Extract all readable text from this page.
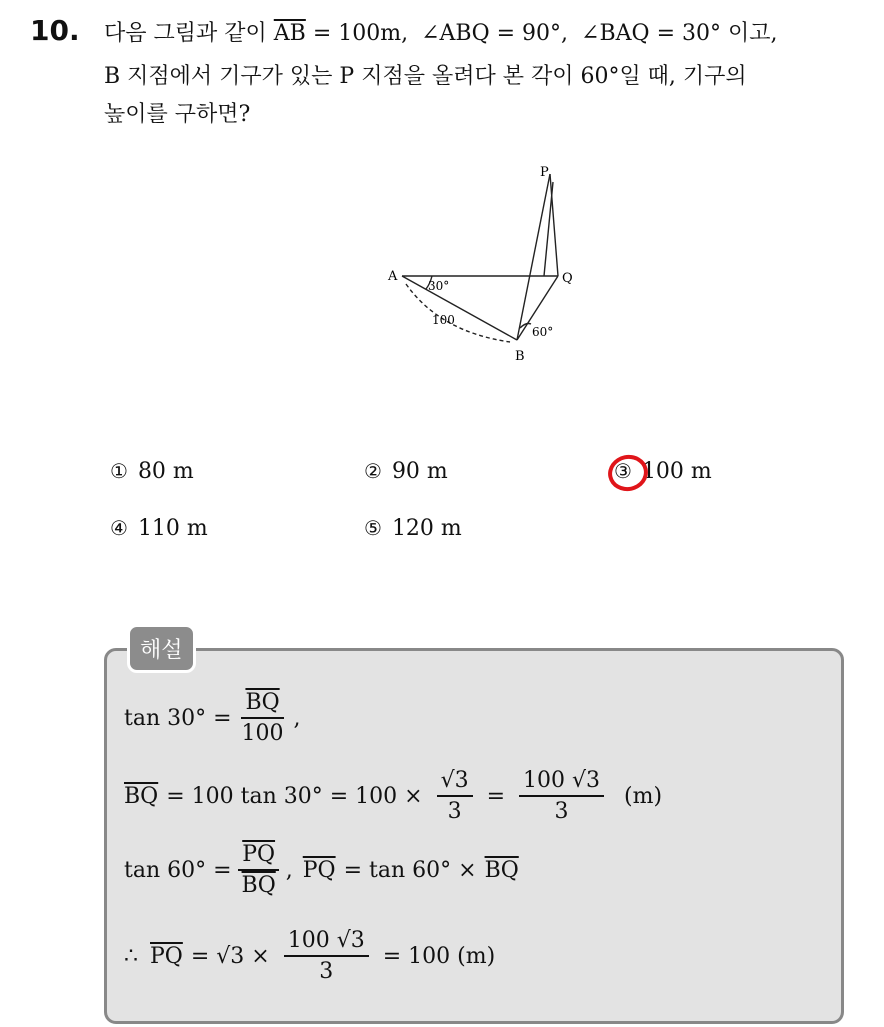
10. 다음 그림과 같이 $\overline{AB} = 100m$, ∠ABQ = 90°, ∠BAQ = 30° 이고,
B 지점에서 기구가 있는 P 지점을 올려다 본 각이 60°일 때, 기구의
높이를 구하면?
A
B
P
Q
30°
60°
100
① 80 m	② 90 m	③ 100 m
④ 110 m	⑤ 120 m
해설
$\tan 30^\circ = \frac{\overline{BQ}}{100}$ ,
$\overline{BQ} = 100$ $\tan 30^\circ = 100 \times \frac{√3}{3} = \frac{100 √3}{3} (m)$
$\tan 60^\circ = \frac{\overline{PQ}}{BQ}$ , $\overline{PQ} = \tan 60^\circ \times \overline{BQ}$
∴ $\overline{PQ} = √3 \times \frac{100 √3}{3} = 100$ (m)
